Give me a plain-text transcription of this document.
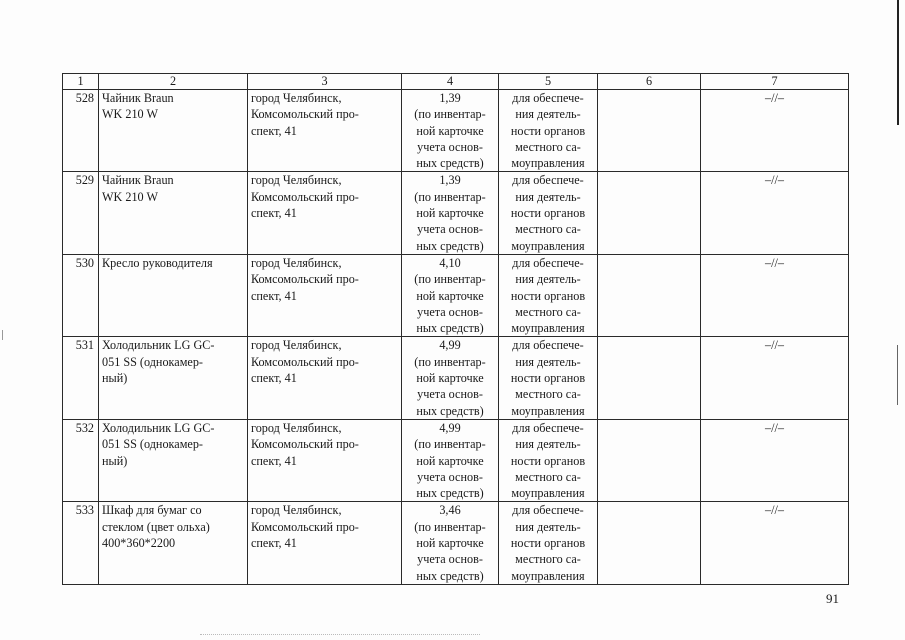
1	2	3	4	5	6	7
528	Чайник Braun
WK 210 W	город Челябинск,
Комсомольский про-
спект, 41	1,39
(по инвентар-
ной карточке
учета основ-
ных средств)	для обеспече-
ния деятель-
ности органов
местного са-
моуправления		–//–
529	Чайник Braun
WK 210 W	город Челябинск,
Комсомольский про-
спект, 41	1,39
(по инвентар-
ной карточке
учета основ-
ных средств)	для обеспече-
ния деятель-
ности органов
местного са-
моуправления		–//–
530	Кресло руководителя	город Челябинск,
Комсомольский про-
спект, 41	4,10
(по инвентар-
ной карточке
учета основ-
ных средств)	для обеспече-
ния деятель-
ности органов
местного са-
моуправления		–//–
531	Холодильник LG GC-
051 SS (однокамер-
ный)	город Челябинск,
Комсомольский про-
спект, 41	4,99
(по инвентар-
ной карточке
учета основ-
ных средств)	для обеспече-
ния деятель-
ности органов
местного са-
моуправления		–//–
532	Холодильник LG GC-
051 SS (однокамер-
ный)	город Челябинск,
Комсомольский про-
спект, 41	4,99
(по инвентар-
ной карточке
учета основ-
ных средств)	для обеспече-
ния деятель-
ности органов
местного са-
моуправления		–//–
533	Шкаф для бумаг со
стеклом (цвет ольха)
400*360*2200	город Челябинск,
Комсомольский про-
спект, 41	3,46
(по инвентар-
ной карточке
учета основ-
ных средств)	для обеспече-
ния деятель-
ности органов
местного са-
моуправления		–//–
91
